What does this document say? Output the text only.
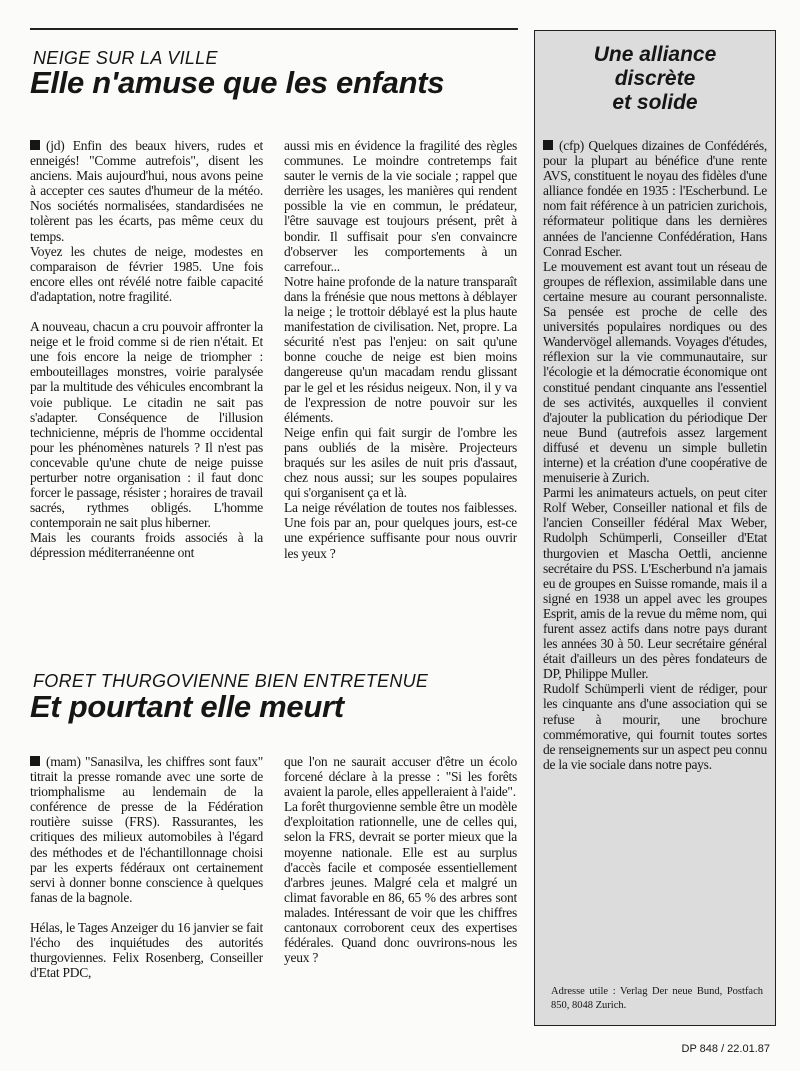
NEIGE SUR LA VILLE
Elle n'amuse que les enfants

(jd) Enfin des beaux hivers, rudes et enneigés! "Comme autrefois", disent les anciens. Mais aujourd'hui, nous avons peine à accepter ces sautes d'humeur de la météo. Nos sociétés normalisées, standardisées ne tolèrent pas les écarts, pas même ceux du temps.

Voyez les chutes de neige, modestes en comparaison de février 1985. Une fois encore elles ont révélé notre faible capacité d'adaptation, notre fragilité.

A nouveau, chacun a cru pouvoir affronter la neige et le froid comme si de rien n'était. Et une fois encore la neige de triompher : embouteillages monstres, voirie paralysée par la multitude des véhicules encombrant la voie publique. Le citadin ne sait pas s'adapter. Conséquence de l'illusion technicienne, mépris de l'homme occidental pour les phénomènes naturels ? Il n'est pas concevable qu'une chute de neige puisse perturber notre organisation : il faut donc forcer le passage, résister ; horaires de travail sacrés, rythmes obligés. L'homme contemporain ne sait plus hiberner.

Mais les courants froids associés à la dépression méditerranéenne ont

aussi mis en évidence la fragilité des règles communes. Le moindre contretemps fait sauter le vernis de la vie sociale ; rappel que derrière les usages, les manières qui rendent possible la vie en commun, le prédateur, l'être sauvage est toujours présent, prêt à bondir. Il suffisait pour s'en convaincre d'observer les comportements à un carrefour...

Notre haine profonde de la nature transparaît dans la frénésie que nous mettons à déblayer la neige ; le trottoir déblayé est la plus haute manifestation de civilisation. Net, propre. La sécurité n'est pas l'enjeu: on sait qu'une bonne couche de neige est bien moins dangereuse qu'un macadam rendu glissant par le gel et les résidus neigeux. Non, il y va de l'expression de notre pouvoir sur les éléments.

Neige enfin qui fait surgir de l'ombre les pans oubliés de la misère. Projecteurs braqués sur les asiles de nuit pris d'assaut, chez nous aussi; sur les soupes populaires qui s'organisent ça et là.

La neige révélation de toutes nos faiblesses. Une fois par an, pour quelques jours, est-ce une expérience suffisante pour nous ouvrir les yeux ?

FORET THURGOVIENNE BIEN ENTRETENUE
Et pourtant elle meurt

(mam) "Sanasilva, les chiffres sont faux" titrait la presse romande avec une sorte de triomphalisme au lendemain de la conférence de presse de la Fédération routière suisse (FRS). Rassurantes, les critiques des milieux automobiles à l'égard des méthodes et de l'échantillonnage choisi par les experts fédéraux ont certainement servi à donner bonne conscience à quelques fanas de la bagnole.

Hélas, le Tages Anzeiger du 16 janvier se fait l'écho des inquiétudes des autorités thurgoviennes. Felix Rosenberg, Conseiller d'Etat PDC,

que l'on ne saurait accuser d'être un écolo forcené déclare à la presse : "Si les forêts avaient la parole, elles appelleraient à l'aide".

La forêt thurgovienne semble être un modèle d'exploitation rationnelle, une de celles qui, selon la FRS, devrait se porter mieux que la moyenne nationale. Elle est au surplus d'accès facile et composée essentiellement d'arbres jeunes. Malgré cela et malgré un climat favorable en 86, 65 % des arbres sont malades. Intéressant de voir que les chiffres cantonaux corroborent ceux des expertises fédérales. Quand donc ouvrirons-nous les yeux ?

Une alliance
discrète
et solide

(cfp) Quelques dizaines de Confédérés, pour la plupart au bénéfice d'une rente AVS, constituent le noyau des fidèles d'une alliance fondée en 1935 : l'Escherbund. Le nom fait référence à un patricien zurichois, réformateur politique dans les dernières années de l'ancienne Confédération, Hans Conrad Escher.

Le mouvement est avant tout un réseau de groupes de réflexion, assimilable dans une certaine mesure au courant personnaliste. Sa pensée est proche de celle des universités populaires nordiques ou des Wandervögel allemands. Voyages d'études, réflexion sur la vie communautaire, sur l'écologie et la démocratie économique ont constitué pendant cinquante ans l'essentiel de ses activités, auxquelles il convient d'ajouter la publication du périodique Der neue Bund (autrefois assez largement diffusé et devenu un simple bulletin interne) et la création d'une coopérative de menuiserie à Zurich.

Parmi les animateurs actuels, on peut citer Rolf Weber, Conseiller national et fils de l'ancien Conseiller fédéral Max Weber, Rudolph Schümperli, Conseiller d'Etat thurgovien et Mascha Oettli, ancienne secrétaire du PSS. L'Escherbund n'a jamais eu de groupes en Suisse romande, mais il a signé en 1938 un appel avec les groupes Esprit, amis de la revue du même nom, qui furent assez actifs dans notre pays durant les années 30 à 50. Leur secrétaire général était d'ailleurs un des pères fondateurs de DP, Philippe Muller.

Rudolf Schümperli vient de rédiger, pour les cinquante ans d'une association qui se refuse à mourir, une brochure commémorative, qui fournit toutes sortes de renseignements sur un aspect peu connu de la vie sociale dans notre pays.

Adresse utile : Verlag Der neue Bund, Postfach 850, 8048 Zurich.
DP 848 / 22.01.87
